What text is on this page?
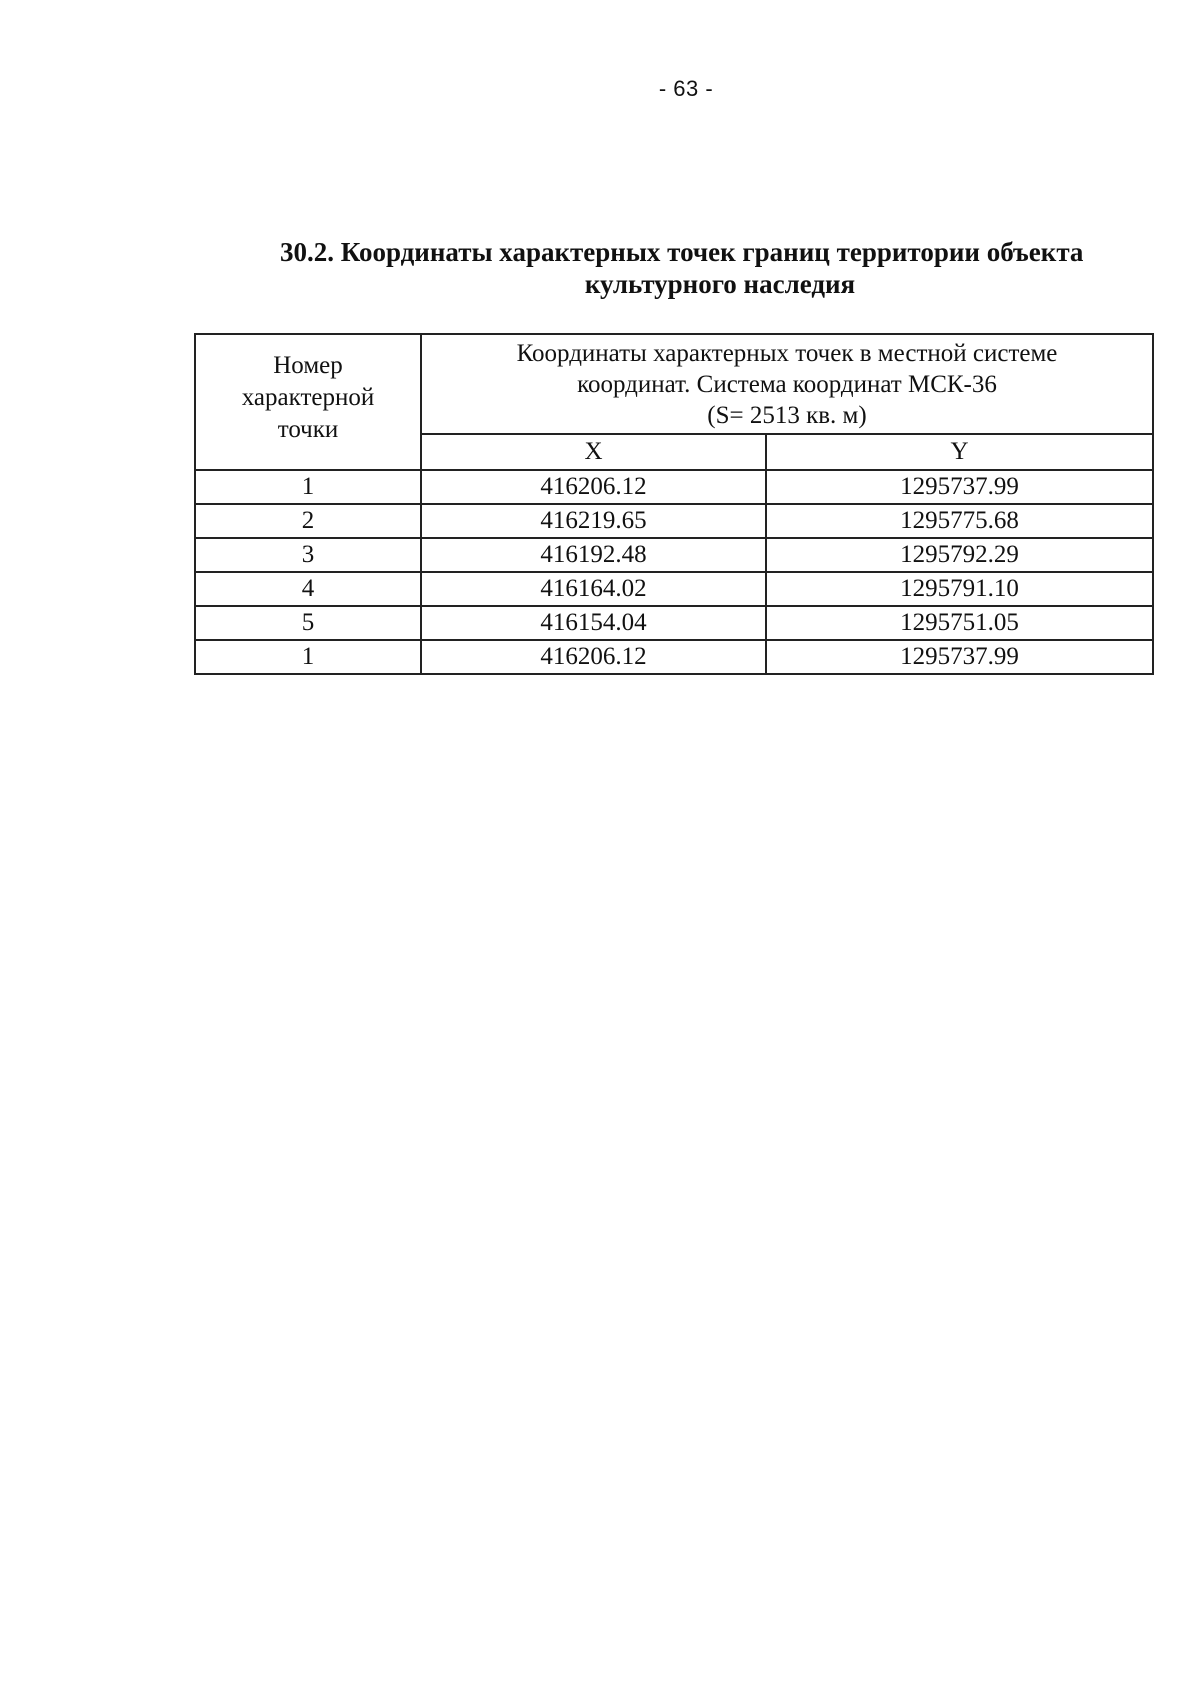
- 63 -
30.2. Координаты характерных точек границ территории объекта
культурного наследия
Номер
характерной
точки	Координаты характерных точек в местной системе
координат. Система координат МСК-36
(S= 2513 кв. м)	

	X	Y
1	416206.12	1295737.99
2	416219.65	1295775.68
3	416192.48	1295792.29
4	416164.02	1295791.10
5	416154.04	1295751.05
1	416206.12	1295737.99
